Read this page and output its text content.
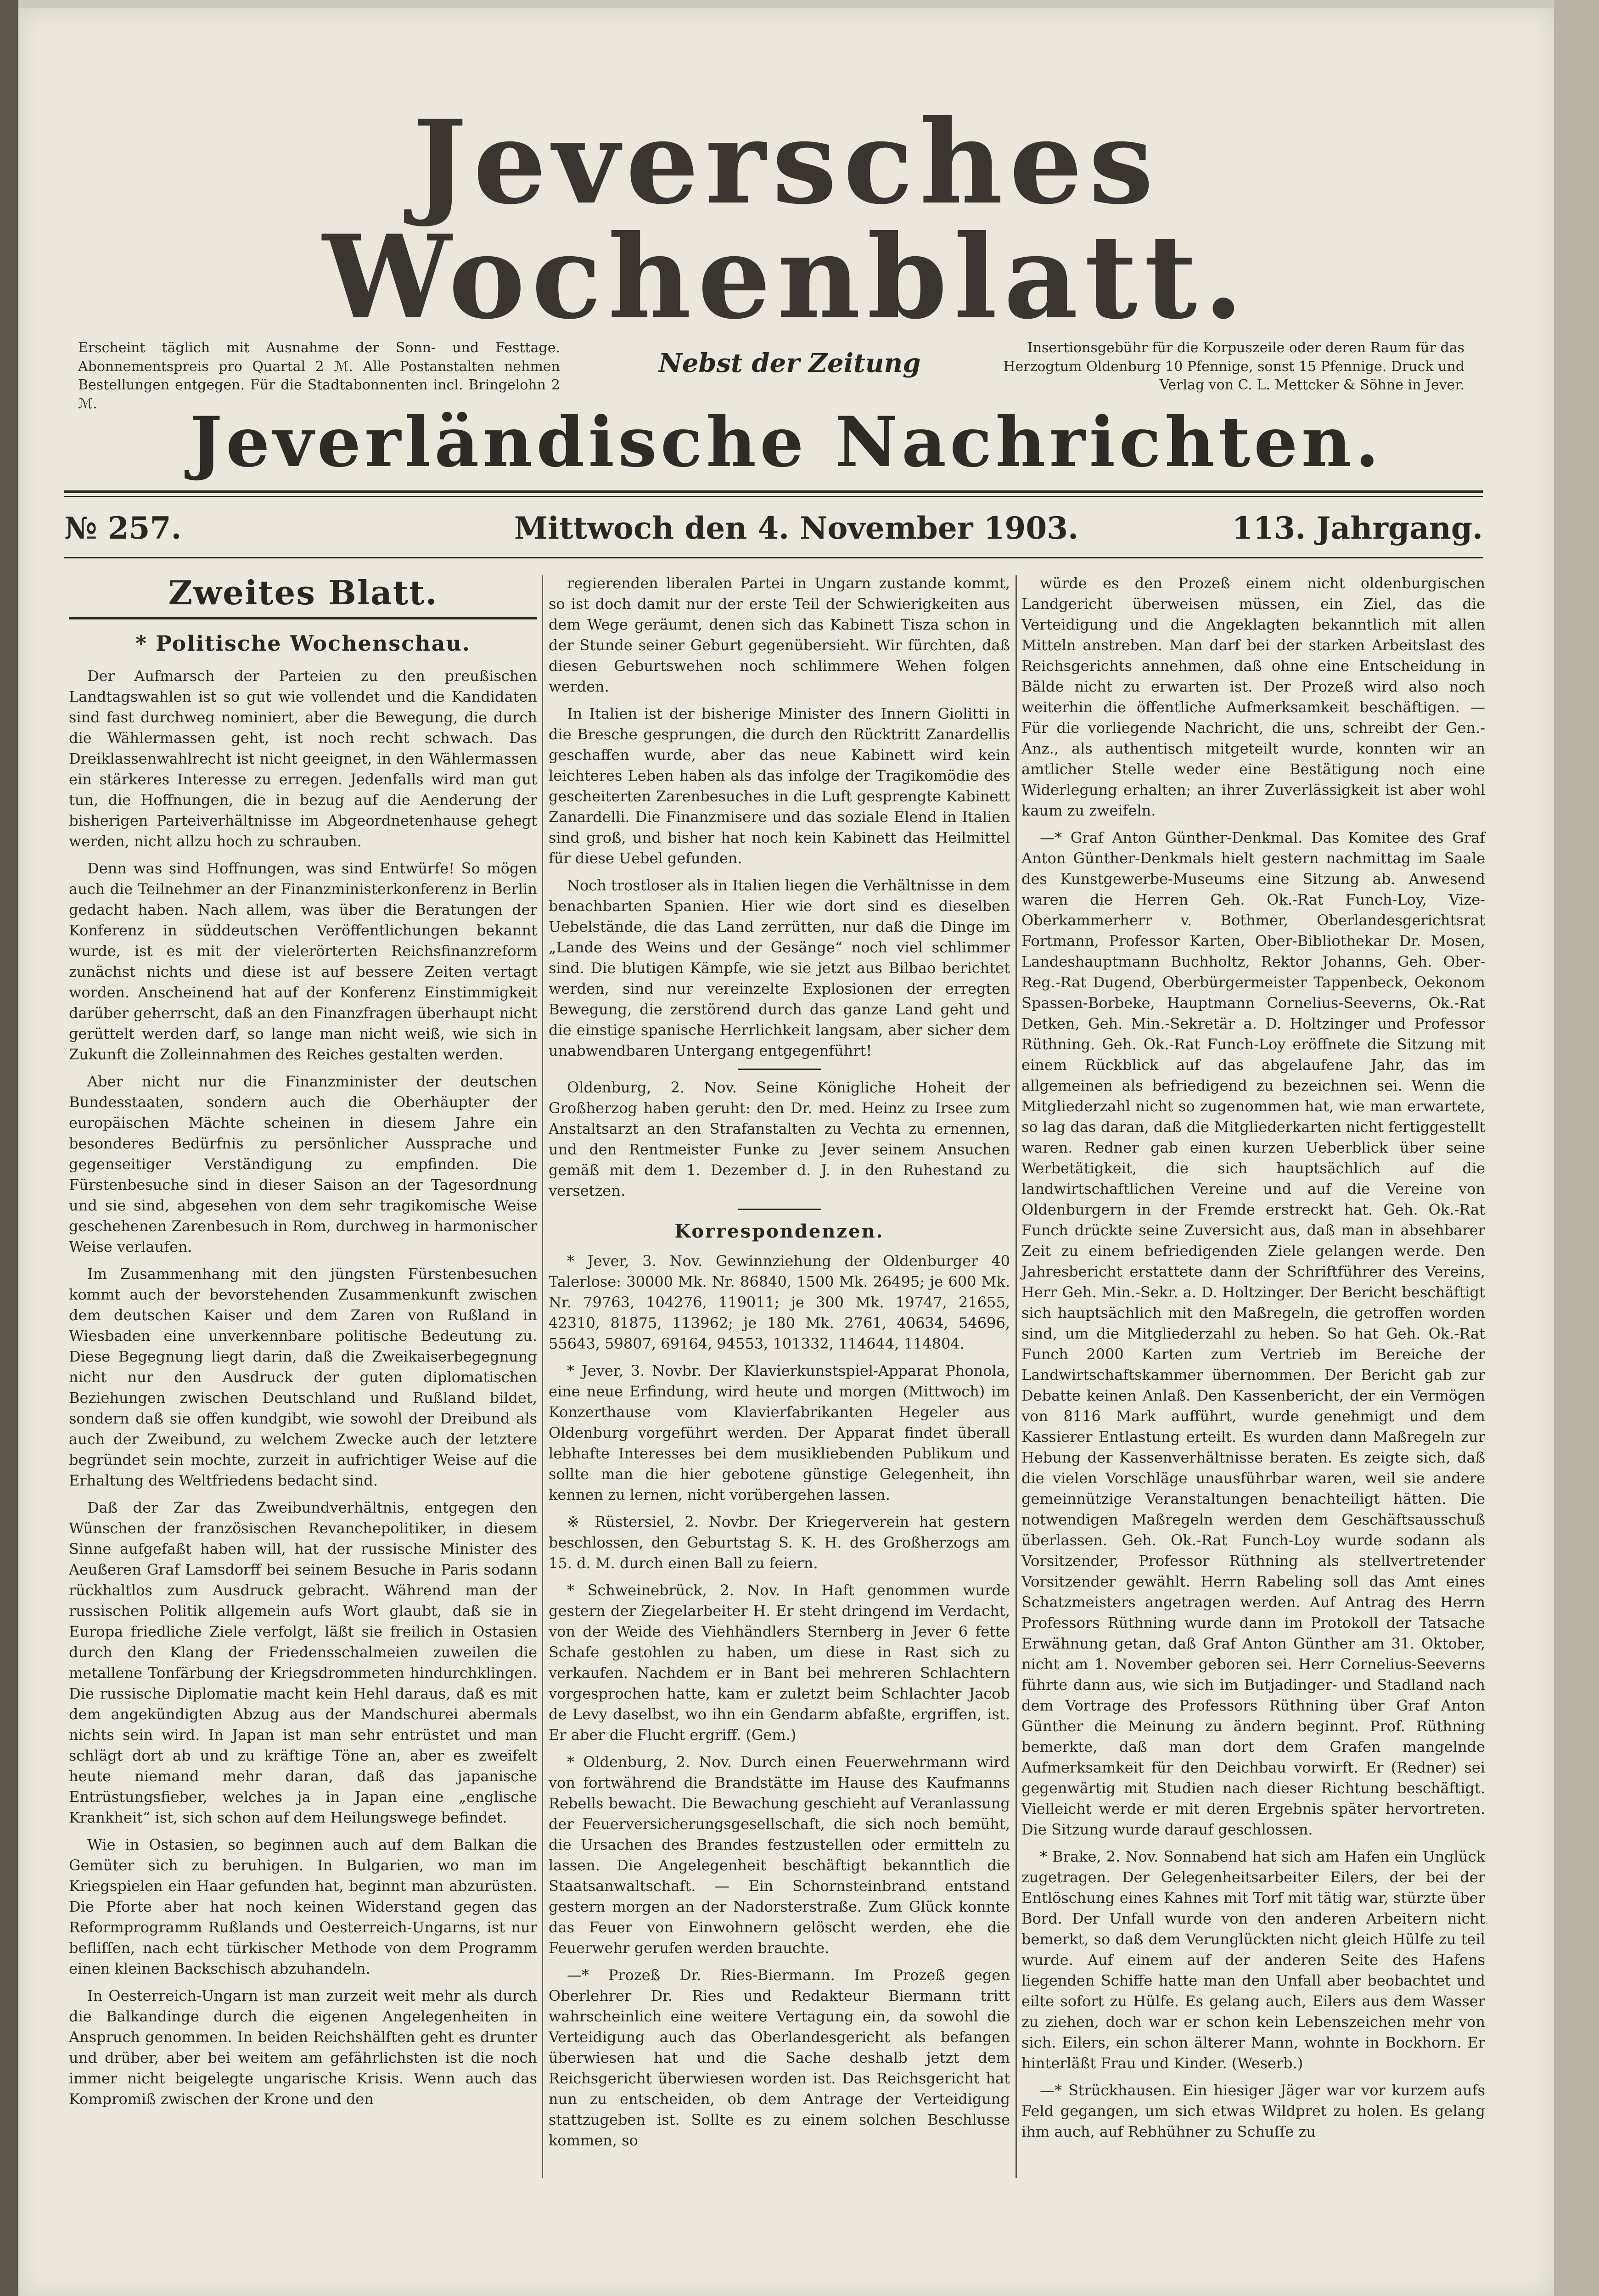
Jeversches Wochenblatt.
Erscheint täglich mit Ausnahme der Sonn- und Festtage. Abonnementspreis pro Quartal 2 ℳ. Alle Postanstalten nehmen Bestellungen entgegen. Für die Stadtabonnenten incl. Bringelohn 2 ℳ.
Nebst der Zeitung
Insertionsgebühr für die Korpuszeile oder deren Raum für das Herzogtum Oldenburg 10 Pfennige, sonst 15 Pfennige. Druck und Verlag von C. L. Mettcker & Söhne in Jever.
Jeverländische Nachrichten.
№ 257.	Mittwoch den 4. November 1903.	113. Jahrgang.
Zweites Blatt.
* Politische Wochenschau.

Der Aufmarsch der Parteien zu den preußischen Landtagswahlen ist so gut wie vollendet und die Kandidaten sind fast durchweg nominiert, aber die Bewegung, die durch die Wählermassen geht, ist noch recht schwach. Das Dreiklassenwahlrecht ist nicht geeignet, in den Wählermassen ein stärkeres Interesse zu erregen. Jedenfalls wird man gut tun, die Hoffnungen, die in bezug auf die Aenderung der bisherigen Parteiverhältnisse im Abgeordnetenhause gehegt werden, nicht allzu hoch zu schrauben.

Denn was sind Hoffnungen, was sind Entwürfe! So mögen auch die Teilnehmer an der Finanzministerkonferenz in Berlin gedacht haben. Nach allem, was über die Beratungen der Konferenz in süddeutschen Veröffentlichungen bekannt wurde, ist es mit der vielerörterten Reichsfinanzreform zunächst nichts und diese ist auf bessere Zeiten vertagt worden. Anscheinend hat auf der Konferenz Einstimmigkeit darüber geherrscht, daß an den Finanzfragen überhaupt nicht gerüttelt werden darf, so lange man nicht weiß, wie sich in Zukunft die Zolleinnahmen des Reiches gestalten werden.

Aber nicht nur die Finanzminister der deutschen Bundesstaaten, sondern auch die Oberhäupter der europäischen Mächte scheinen in diesem Jahre ein besonderes Bedürfnis zu persönlicher Aussprache und gegenseitiger Verständigung zu empfinden. Die Fürstenbesuche sind in dieser Saison an der Tagesordnung und sie sind, abgesehen von dem sehr tragikomische Weise geschehenen Zarenbesuch in Rom, durchweg in harmonischer Weise verlaufen.

Im Zusammenhang mit den jüngsten Fürstenbesuchen kommt auch der bevorstehenden Zusammenkunft zwischen dem deutschen Kaiser und dem Zaren von Rußland in Wiesbaden eine unverkennbare politische Bedeutung zu. Diese Begegnung liegt darin, daß die Zweikaiserbegegnung nicht nur den Ausdruck der guten diplomatischen Beziehungen zwischen Deutschland und Rußland bildet, sondern daß sie offen kundgibt, wie sowohl der Dreibund als auch der Zweibund, zu welchem Zwecke auch der letztere begründet sein mochte, zurzeit in aufrichtiger Weise auf die Erhaltung des Weltfriedens bedacht sind.

Daß der Zar das Zweibundverhältnis, entgegen den Wünschen der französischen Revanchepolitiker, in diesem Sinne aufgefaßt haben will, hat der russische Minister des Aeußeren Graf Lamsdorff bei seinem Besuche in Paris sodann rückhaltlos zum Ausdruck gebracht. Während man der russischen Politik allgemein aufs Wort glaubt, daß sie in Europa friedliche Ziele verfolgt, läßt sie freilich in Ostasien durch den Klang der Friedensschalmeien zuweilen die metallene Tonfärbung der Kriegsdrommeten hindurchklingen. Die russische Diplomatie macht kein Hehl daraus, daß es mit dem angekündigten Abzug aus der Mandschurei abermals nichts sein wird. In Japan ist man sehr entrüstet und man schlägt dort ab und zu kräftige Töne an, aber es zweifelt heute niemand mehr daran, daß das japanische Entrüstungsfieber, welches ja in Japan eine „englische Krankheit“ ist, sich schon auf dem Heilungswege befindet.

Wie in Ostasien, so beginnen auch auf dem Balkan die Gemüter sich zu beruhigen. In Bulgarien, wo man im Kriegspielen ein Haar gefunden hat, beginnt man abzurüsten. Die Pforte aber hat noch keinen Widerstand gegen das Reformprogramm Rußlands und Oesterreich-Ungarns, ist nur befliſſen, nach echt türkischer Methode von dem Programm einen kleinen Backschisch abzuhandeln.

In Oesterreich-Ungarn ist man zurzeit weit mehr als durch die Balkandinge durch die eigenen Angelegenheiten in Anspruch genommen. In beiden Reichshälften geht es drunter und drüber, aber bei weitem am gefährlichsten ist die noch immer nicht beigelegte ungarische Krisis. Wenn auch das Kompromiß zwischen der Krone und den

regierenden liberalen Partei in Ungarn zustande kommt, so ist doch damit nur der erste Teil der Schwierigkeiten aus dem Wege geräumt, denen sich das Kabinett Tisza schon in der Stunde seiner Geburt gegenübersieht. Wir fürchten, daß diesen Geburtswehen noch schlimmere Wehen folgen werden.

In Italien ist der bisherige Minister des Innern Giolitti in die Bresche gesprungen, die durch den Rücktritt Zanardellis geschaffen wurde, aber das neue Kabinett wird kein leichteres Leben haben als das infolge der Tragikomödie des gescheiterten Zarenbesuches in die Luft gesprengte Kabinett Zanardelli. Die Finanzmisere und das soziale Elend in Italien sind groß, und bisher hat noch kein Kabinett das Heilmittel für diese Uebel gefunden.

Noch trostloser als in Italien liegen die Verhältnisse in dem benachbarten Spanien. Hier wie dort sind es dieselben Uebelstände, die das Land zerrütten, nur daß die Dinge im „Lande des Weins und der Gesänge“ noch viel schlimmer sind. Die blutigen Kämpfe, wie sie jetzt aus Bilbao berichtet werden, sind nur vereinzelte Explosionen der erregten Bewegung, die zerstörend durch das ganze Land geht und die einstige spanische Herrlichkeit langsam, aber sicher dem unabwendbaren Untergang entgegenführt!

Oldenburg, 2. Nov. Seine Königliche Hoheit der Großherzog haben geruht: den Dr. med. Heinz zu Irsee zum Anstaltsarzt an den Strafanstalten zu Vechta zu ernennen, und den Rentmeister Funke zu Jever seinem Ansuchen gemäß mit dem 1. Dezember d. J. in den Ruhestand zu versetzen.

Korrespondenzen.

* Jever, 3. Nov. Gewinnziehung der Oldenburger 40 Talerlose: 30000 Mk. Nr. 86840, 1500 Mk. 26495; je 600 Mk. Nr. 79763, 104276, 119011; je 300 Mk. 19747, 21655, 42310, 81875, 113962; je 180 Mk. 2761, 40634, 54696, 55643, 59807, 69164, 94553, 101332, 114644, 114804.

* Jever, 3. Novbr. Der Klavierkunstspiel-Apparat Phonola, eine neue Erfindung, wird heute und morgen (Mittwoch) im Konzerthause vom Klavierfabrikanten Hegeler aus Oldenburg vorgeführt werden. Der Apparat findet überall lebhafte Interesses bei dem musikliebenden Publikum und sollte man die hier gebotene günstige Gelegenheit, ihn kennen zu lernen, nicht vorübergehen lassen.

※ Rüstersiel, 2. Novbr. Der Kriegerverein hat gestern beschlossen, den Geburtstag S. K. H. des Großherzogs am 15. d. M. durch einen Ball zu feiern.

* Schweinebrück, 2. Nov. In Haft genommen wurde gestern der Ziegelarbeiter H. Er steht dringend im Verdacht, von der Weide des Viehhändlers Sternberg in Jever 6 fette Schafe gestohlen zu haben, um diese in Rast sich zu verkaufen. Nachdem er in Bant bei mehreren Schlachtern vorgesprochen hatte, kam er zuletzt beim Schlachter Jacob de Levy daselbst, wo ihn ein Gendarm abfaßte, ergriffen, ist. Er aber die Flucht ergriff. (Gem.)

* Oldenburg, 2. Nov. Durch einen Feuerwehrmann wird von fortwährend die Brandstätte im Hause des Kaufmanns Rebells bewacht. Die Bewachung geschieht auf Veranlassung der Feuerversicherungsgesellschaft, die sich noch bemüht, die Ursachen des Brandes festzustellen oder ermitteln zu lassen. Die Angelegenheit beschäftigt bekanntlich die Staatsanwaltschaft. — Ein Schornsteinbrand entstand gestern morgen an der Nadorsterstraße. Zum Glück konnte das Feuer von Einwohnern gelöscht werden, ehe die Feuerwehr gerufen werden brauchte.

—* Prozeß Dr. Ries-Biermann. Im Prozeß gegen Oberlehrer Dr. Ries und Redakteur Biermann tritt wahrscheinlich eine weitere Vertagung ein, da sowohl die Verteidigung auch das Oberlandesgericht als befangen überwiesen hat und die Sache deshalb jetzt dem Reichsgericht überwiesen worden ist. Das Reichsgericht hat nun zu entscheiden, ob dem Antrage der Verteidigung stattzugeben ist. Sollte es zu einem solchen Beschlusse kommen, so

würde es den Prozeß einem nicht oldenburgischen Landgericht überweisen müssen, ein Ziel, das die Verteidigung und die Angeklagten bekanntlich mit allen Mitteln anstreben. Man darf bei der starken Arbeitslast des Reichsgerichts annehmen, daß ohne eine Entscheidung in Bälde nicht zu erwarten ist. Der Prozeß wird also noch weiterhin die öffentliche Aufmerksamkeit beschäftigen. — Für die vorliegende Nachricht, die uns, schreibt der Gen.-Anz., als authentisch mitgeteilt wurde, konnten wir an amtlicher Stelle weder eine Bestätigung noch eine Widerlegung erhalten; an ihrer Zuverlässigkeit ist aber wohl kaum zu zweifeln.

—* Graf Anton Günther-Denkmal. Das Komitee des Graf Anton Günther-Denkmals hielt gestern nachmittag im Saale des Kunstgewerbe-Museums eine Sitzung ab. Anwesend waren die Herren Geh. Ok.-Rat Funch-Loy, Vize-Oberkammerherr v. Bothmer, Oberlandesgerichtsrat Fortmann, Professor Karten, Ober-Bibliothekar Dr. Mosen, Landeshauptmann Buchholtz, Rektor Johanns, Geh. Ober-Reg.-Rat Dugend, Oberbürgermeister Tappenbeck, Oekonom Spassen-Borbeke, Hauptmann Cornelius-Seeverns, Ok.-Rat Detken, Geh. Min.-Sekretär a. D. Holtzinger und Professor Rüthning. Geh. Ok.-Rat Funch-Loy eröffnete die Sitzung mit einem Rückblick auf das abgelaufene Jahr, das im allgemeinen als befriedigend zu bezeichnen sei. Wenn die Mitgliederzahl nicht so zugenommen hat, wie man erwartete, so lag das daran, daß die Mitgliederkarten nicht fertiggestellt waren. Redner gab einen kurzen Ueberblick über seine Werbetätigkeit, die sich hauptsächlich auf die landwirtschaftlichen Vereine und auf die Vereine von Oldenburgern in der Fremde erstreckt hat. Geh. Ok.-Rat Funch drückte seine Zuversicht aus, daß man in absehbarer Zeit zu einem befriedigenden Ziele gelangen werde. Den Jahresbericht erstattete dann der Schriftführer des Vereins, Herr Geh. Min.-Sekr. a. D. Holtzinger. Der Bericht beschäftigt sich hauptsächlich mit den Maßregeln, die getroffen worden sind, um die Mitgliederzahl zu heben. So hat Geh. Ok.-Rat Funch 2000 Karten zum Vertrieb im Bereiche der Landwirtschaftskammer übernommen. Der Bericht gab zur Debatte keinen Anlaß. Den Kassenbericht, der ein Vermögen von 8116 Mark aufführt, wurde genehmigt und dem Kassierer Entlastung erteilt. Es wurden dann Maßregeln zur Hebung der Kassenverhältnisse beraten. Es zeigte sich, daß die vielen Vorschläge unausführbar waren, weil sie andere gemeinnützige Veranstaltungen benachteiligt hätten. Die notwendigen Maßregeln werden dem Geschäftsausschuß überlassen. Geh. Ok.-Rat Funch-Loy wurde sodann als Vorsitzender, Professor Rüthning als stellvertretender Vorsitzender gewählt. Herrn Rabeling soll das Amt eines Schatzmeisters angetragen werden. Auf Antrag des Herrn Professors Rüthning wurde dann im Protokoll der Tatsache Erwähnung getan, daß Graf Anton Günther am 31. Oktober, nicht am 1. November geboren sei. Herr Cornelius-Seeverns führte dann aus, wie sich im Butjadinger- und Stadland nach dem Vortrage des Professors Rüthning über Graf Anton Günther die Meinung zu ändern beginnt. Prof. Rüthning bemerkte, daß man dort dem Grafen mangelnde Aufmerksamkeit für den Deichbau vorwirft. Er (Redner) sei gegenwärtig mit Studien nach dieser Richtung beschäftigt. Vielleicht werde er mit deren Ergebnis später hervortreten. Die Sitzung wurde darauf geschlossen.

* Brake, 2. Nov. Sonnabend hat sich am Hafen ein Unglück zugetragen. Der Gelegenheitsarbeiter Eilers, der bei der Entlöschung eines Kahnes mit Torf mit tätig war, stürzte über Bord. Der Unfall wurde von den anderen Arbeitern nicht bemerkt, so daß dem Verunglückten nicht gleich Hülfe zu teil wurde. Auf einem auf der anderen Seite des Hafens liegenden Schiffe hatte man den Unfall aber beobachtet und eilte sofort zu Hülfe. Es gelang auch, Eilers aus dem Wasser zu ziehen, doch war er schon kein Lebenszeichen mehr von sich. Eilers, ein schon älterer Mann, wohnte in Bockhorn. Er hinterläßt Frau und Kinder. (Weserb.)

—* Strückhausen. Ein hiesiger Jäger war vor kurzem aufs Feld gegangen, um sich etwas Wildpret zu holen. Es gelang ihm auch, auf Rebhühner zu Schuſſe zu
